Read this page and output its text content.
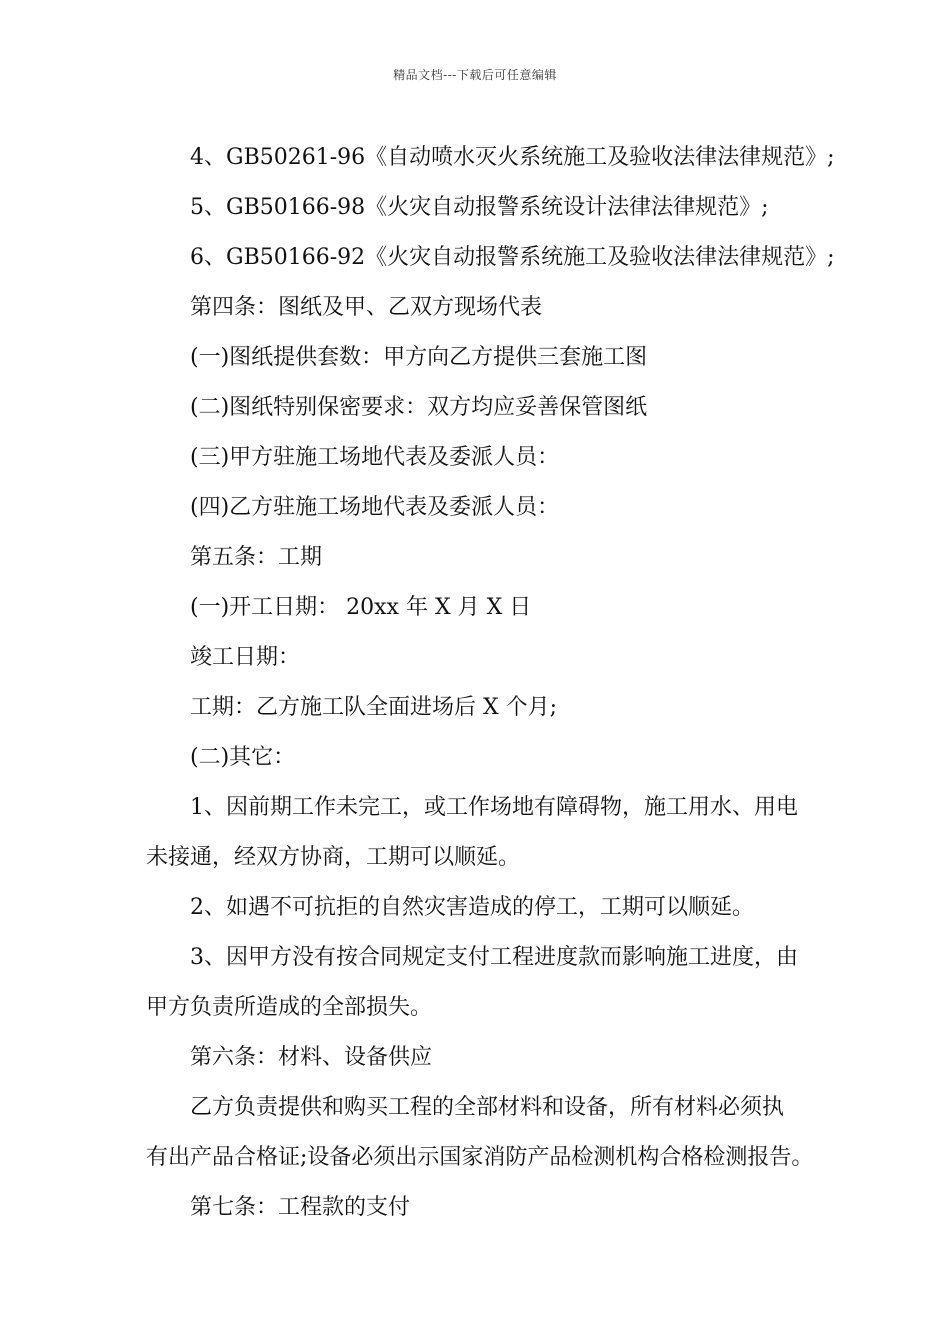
精品文档---下载后可任意编辑

4、GB50261-96《自动喷水灭火系统施工及验收法律法律规范》;

5、GB50166-98《火灾自动报警系统设计法律法律规范》;

6、GB50166-92《火灾自动报警系统施工及验收法律法律规范》;

第四条：图纸及甲、乙双方现场代表

(一)图纸提供套数：甲方向乙方提供三套施工图

(二)图纸特别保密要求：双方均应妥善保管图纸

(三)甲方驻施工场地代表及委派人员：

(四)乙方驻施工场地代表及委派人员：

第五条：工期

(一)开工日期： 20xx 年 X 月 X 日

竣工日期：

工期：乙方施工队全面进场后 X 个月;

(二)其它：

1、因前期工作未完工，或工作场地有障碍物，施工用水、用电

未接通，经双方协商，工期可以顺延。

2、如遇不可抗拒的自然灾害造成的停工，工期可以顺延。

3、因甲方没有按合同规定支付工程进度款而影响施工进度，由

甲方负责所造成的全部损失。

第六条：材料、设备供应

乙方负责提供和购买工程的全部材料和设备，所有材料必须执

有出产品合格证;设备必须出示国家消防产品检测机构合格检测报告。

第七条：工程款的支付
